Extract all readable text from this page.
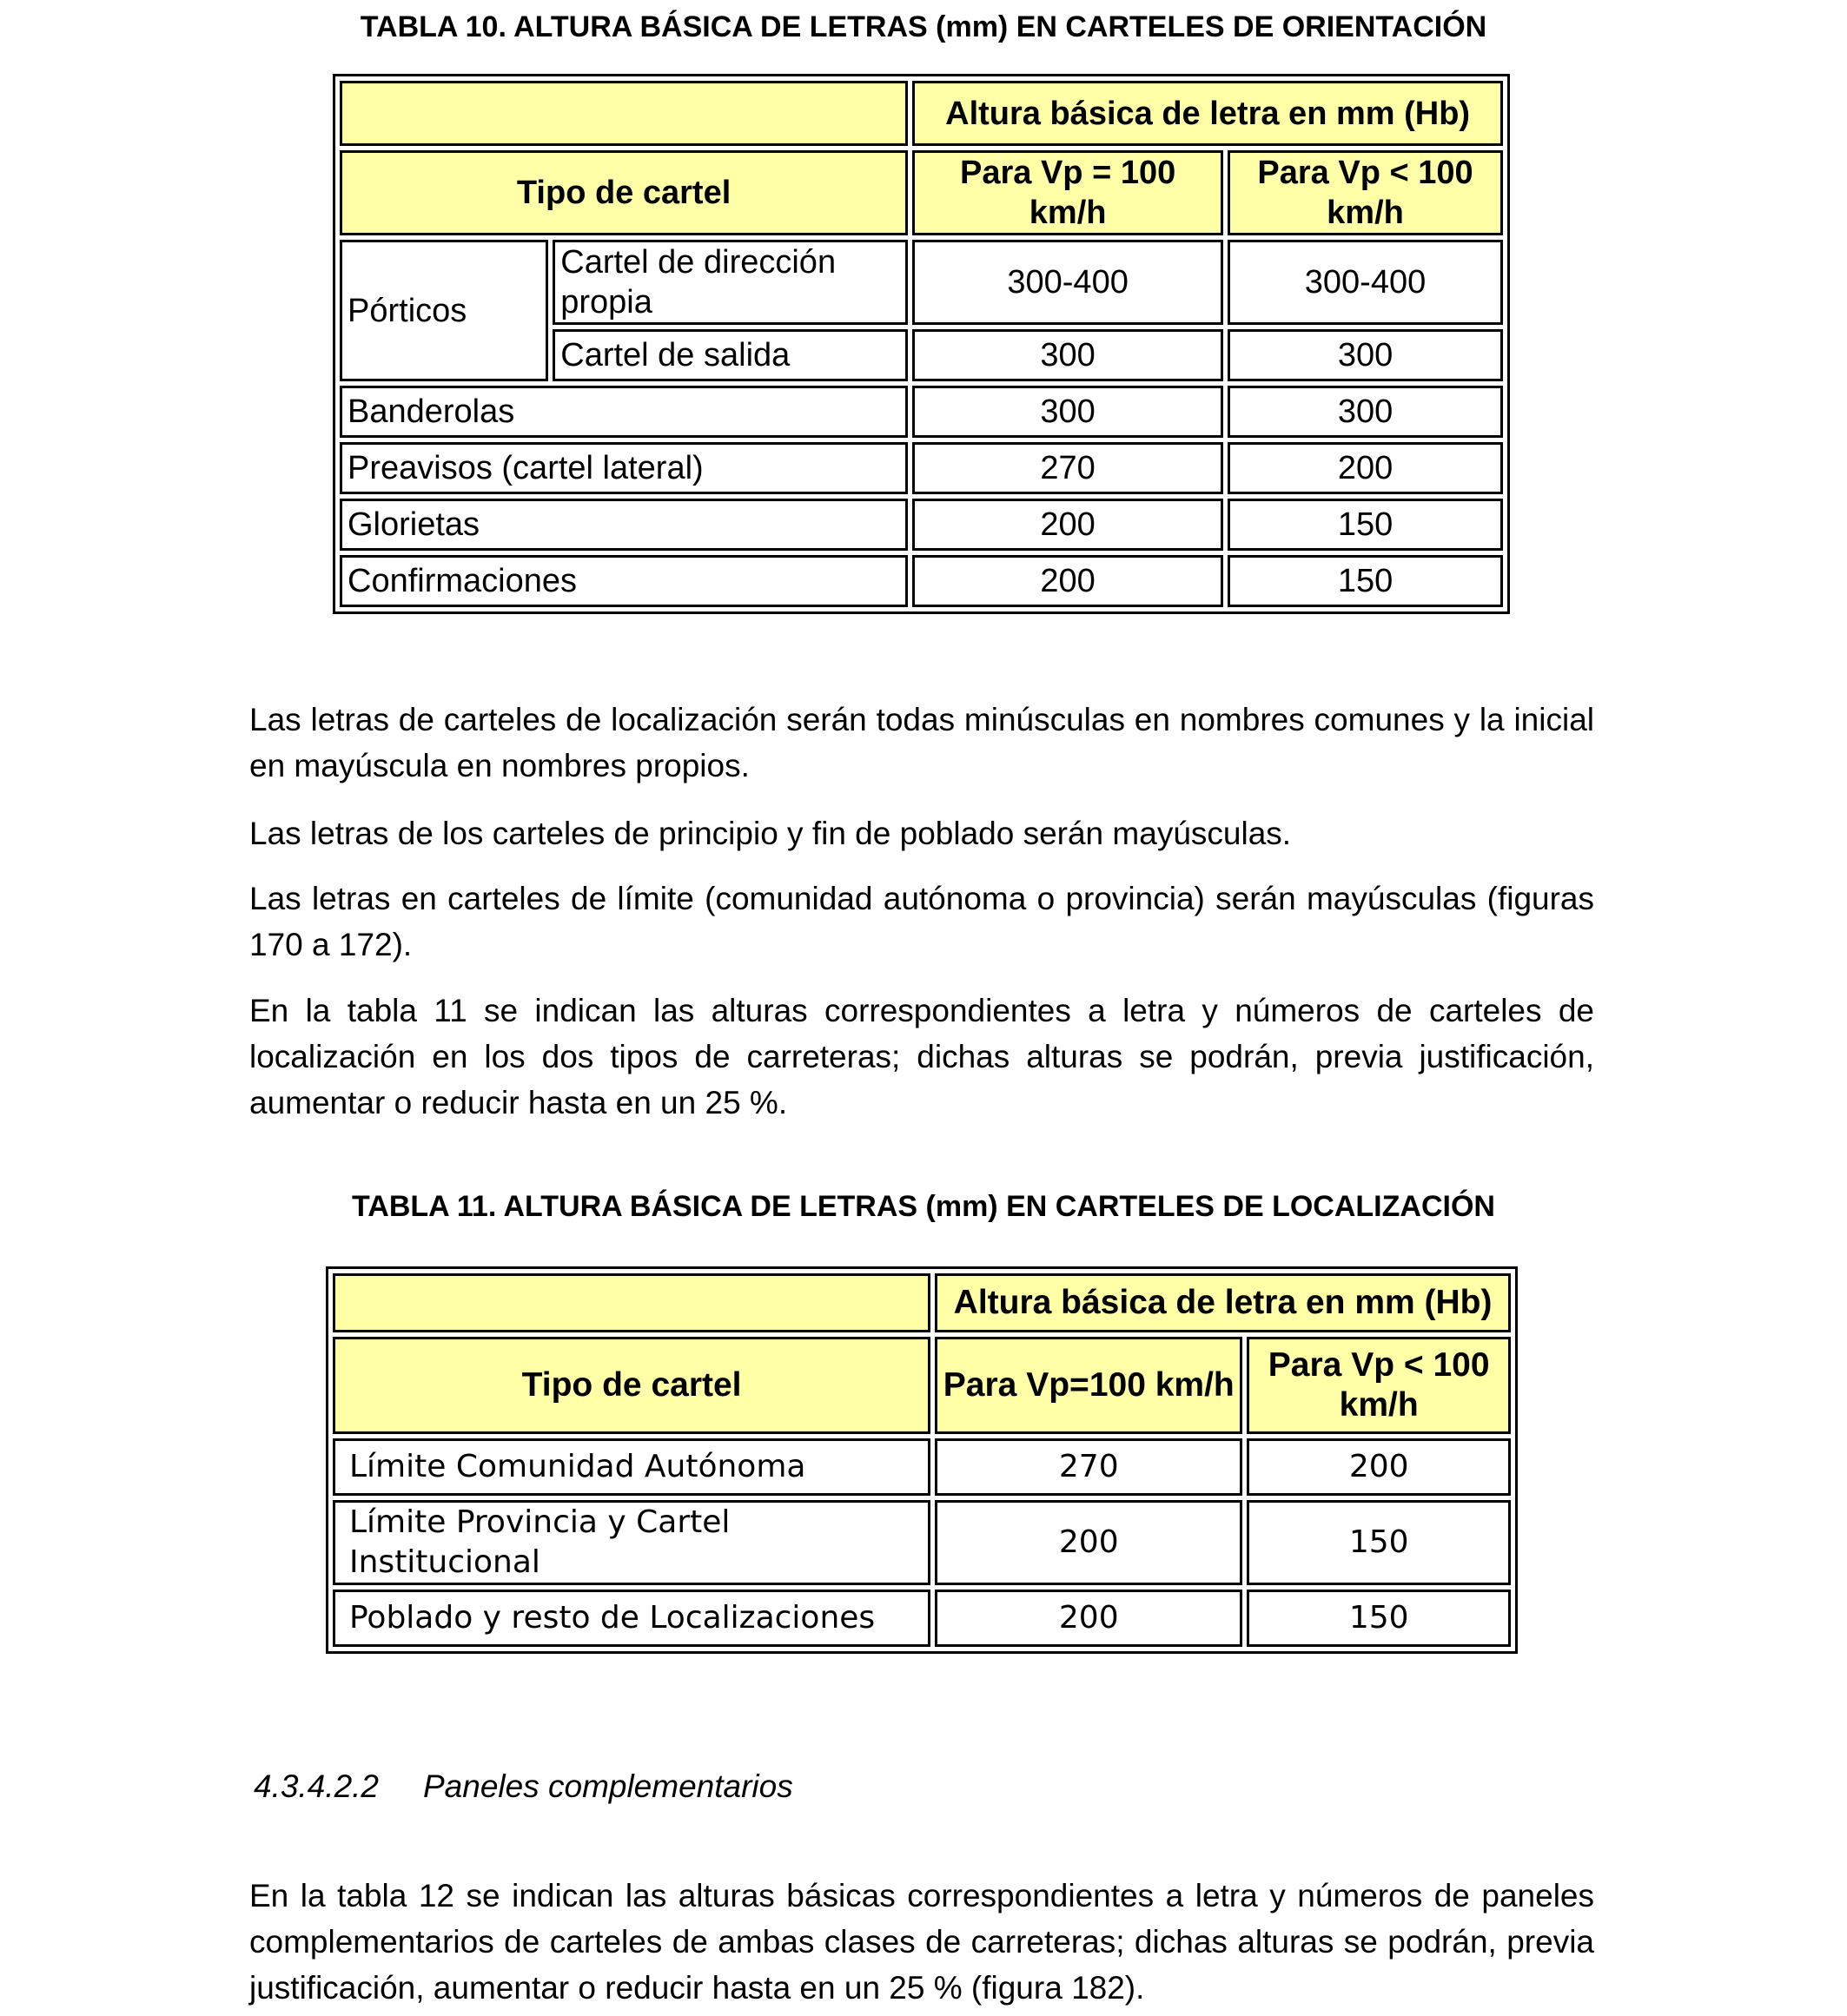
TABLA 10. ALTURA BÁSICA DE LETRAS (mm) EN CARTELES DE ORIENTACIÓN
		Altura básica de letra en mm (Hb)	
Tipo de cartel		Para Vp = 100 km/h	Para Vp < 100 km/h
Pórticos	Cartel de dirección propia	300-400	300-400
	Cartel de salida	300	300
Banderolas		300	300
Preavisos (cartel lateral)		270	200
Glorietas		200	150
Confirmaciones		200	150

Las letras de carteles de localización serán todas minúsculas en nombres comunes y la inicial en mayúscula en nombres propios.

Las letras de los carteles de principio y fin de poblado serán mayúsculas.

Las letras en carteles de límite (comunidad autónoma o provincia) serán mayúsculas (figuras 170 a 172).

En la tabla 11 se indican las alturas correspondientes a letra y números de carteles de localización en los dos tipos de carreteras; dichas alturas se podrán, previa justificación, aumentar o reducir hasta en un 25 %.

TABLA 11. ALTURA BÁSICA DE LETRAS (mm) EN CARTELES DE LOCALIZACIÓN
	Altura básica de letra en mm (Hb)	
Tipo de cartel	Para Vp=100 km/h	Para Vp < 100 km/h
Límite Comunidad Autónoma	270	200
Límite Provincia y Cartel Institucional	200	150
Poblado y resto de Localizaciones	200	150
4.3.4.2.2 Paneles complementarios

En la tabla 12 se indican las alturas básicas correspondientes a letra y números de paneles complementarios de carteles de ambas clases de carreteras; dichas alturas se podrán, previa justificación, aumentar o reducir hasta en un 25 % (figura 182).
